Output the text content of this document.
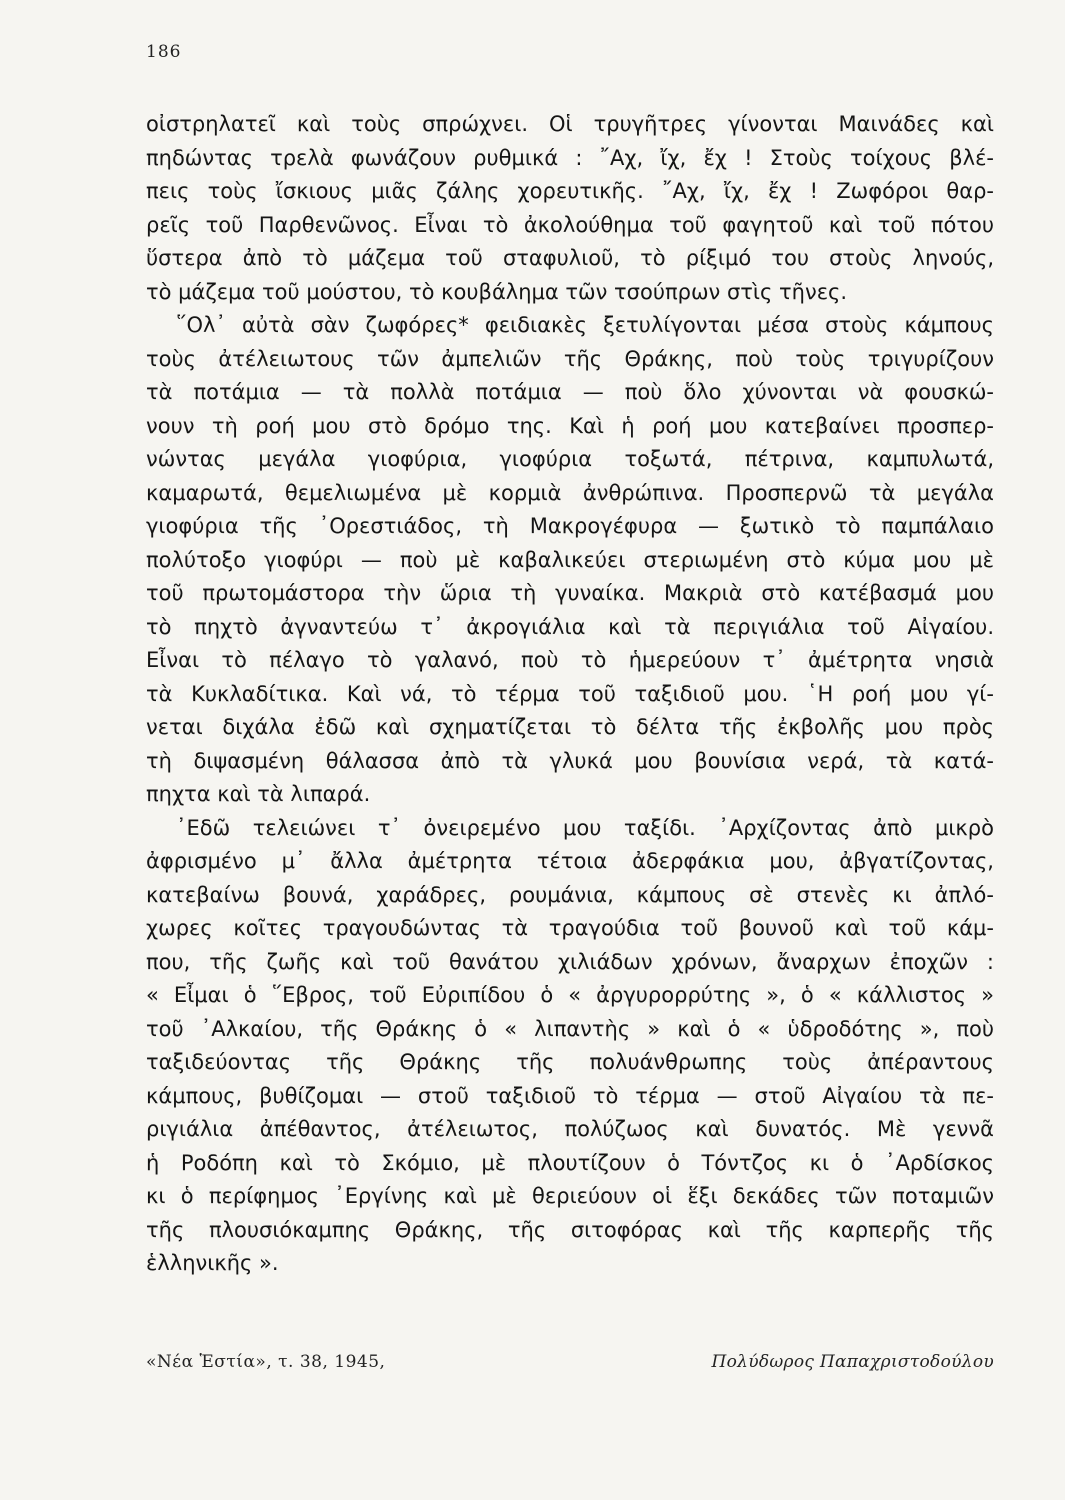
186
οἰστρηλατεῖ καὶ τοὺς σπρώχνει. Οἱ τρυγῆτρες γίνονται Μαινάδες καὶ
πηδώντας τρελὰ φωνάζουν ρυθμικά : ῎Αχ, ἴχ, ἔχ ! Στοὺς τοίχους βλέ-
πεις τοὺς ἴσκιους μιᾶς ζάλης χορευτικῆς. ῎Αχ, ἴχ, ἔχ ! Ζωφόροι θαρ-
ρεῖς τοῦ Παρθενῶνος. Εἶναι τὸ ἀκολούθημα τοῦ φαγητοῦ καὶ τοῦ πότου
ὕστερα ἀπὸ τὸ μάζεμα τοῦ σταφυλιοῦ, τὸ ρίξιμό του στοὺς ληνούς,
τὸ μάζεμα τοῦ μούστου, τὸ κουβάλημα τῶν τσούπρων στὶς τῆνες.
῞Ολ᾽ αὐτὰ σὰν ζωφόρες* φειδιακὲς ξετυλίγονται μέσα στοὺς κάμπους
τοὺς ἀτέλειωτους τῶν ἀμπελιῶν τῆς Θράκης, ποὺ τοὺς τριγυρίζουν
τὰ ποτάμια — τὰ πολλὰ ποτάμια — ποὺ ὅλο χύνονται νὰ φουσκώ-
νουν τὴ ροή μου στὸ δρόμο της. Καὶ ἡ ροή μου κατεβαίνει προσπερ-
νώντας μεγάλα γιοφύρια, γιοφύρια τοξωτά, πέτρινα, καμπυλωτά,
καμαρωτά, θεμελιωμένα μὲ κορμιὰ ἀνθρώπινα. Προσπερνῶ τὰ μεγάλα
γιοφύρια τῆς ᾿Ορεστιάδος, τὴ Μακρογέφυρα — ξωτικὸ τὸ παμπάλαιο
πολύτοξο γιοφύρι — ποὺ μὲ καβαλικεύει στεριωμένη στὸ κύμα μου μὲ
τοῦ πρωτομάστορα τὴν ὥρια τὴ γυναίκα. Μακριὰ στὸ κατέβασμά μου
τὸ πηχτὸ ἀγναντεύω τ᾽ ἀκρογιάλια καὶ τὰ περιγιάλια τοῦ Αἰγαίου.
Εἶναι τὸ πέλαγο τὸ γαλανό, ποὺ τὸ ἡμερεύουν τ᾽ ἀμέτρητα νησιὰ
τὰ Κυκλαδίτικα. Καὶ νά, τὸ τέρμα τοῦ ταξιδιοῦ μου. ῾Η ροή μου γί-
νεται διχάλα ἐδῶ καὶ σχηματίζεται τὸ δέλτα τῆς ἐκβολῆς μου πρὸς
τὴ διψασμένη θάλασσα ἀπὸ τὰ γλυκά μου βουνίσια νερά, τὰ κατά-
πηχτα καὶ τὰ λιπαρά.
᾿Εδῶ τελειώνει τ᾽ ὀνειρεμένο μου ταξίδι. ᾿Αρχίζοντας ἀπὸ μικρὸ
ἀφρισμένο μ᾽ ἄλλα ἀμέτρητα τέτοια ἀδερφάκια μου, ἀβγατίζοντας,
κατεβαίνω βουνά, χαράδρες, ρουμάνια, κάμπους σὲ στενὲς κι ἀπλό-
χωρες κοῖτες τραγουδώντας τὰ τραγούδια τοῦ βουνοῦ καὶ τοῦ κάμ-
που, τῆς ζωῆς καὶ τοῦ θανάτου χιλιάδων χρόνων, ἄναρχων ἐποχῶν :
« Εἶμαι ὁ ῞Εβρος, τοῦ Εὐριπίδου ὁ « ἀργυρορρύτης », ὁ « κάλλιστος »
τοῦ ᾿Αλκαίου, τῆς Θράκης ὁ « λιπαντὴς » καὶ ὁ « ὑδροδότης », ποὺ
ταξιδεύοντας τῆς Θράκης τῆς πολυάνθρωπης τοὺς ἀπέραντους
κάμπους, βυθίζομαι — στοῦ ταξιδιοῦ τὸ τέρμα — στοῦ Αἰγαίου τὰ πε-
ριγιάλια ἀπέθαντος, ἀτέλειωτος, πολύζωος καὶ δυνατός. Μὲ γεννᾶ
ἡ Ροδόπη καὶ τὸ Σκόμιο, μὲ πλουτίζουν ὁ Τόντζος κι ὁ ᾿Αρδίσκος
κι ὁ περίφημος ᾿Εργίνης καὶ μὲ θεριεύουν οἱ ἕξι δεκάδες τῶν ποταμιῶν
τῆς πλουσιόκαμπης Θράκης, τῆς σιτοφόρας καὶ τῆς καρπερῆς τῆς
ἑλληνικῆς ».
«Νέα Ἑστία», τ. 38, 1945,	Πολύδωρος Παπαχριστοδούλου
